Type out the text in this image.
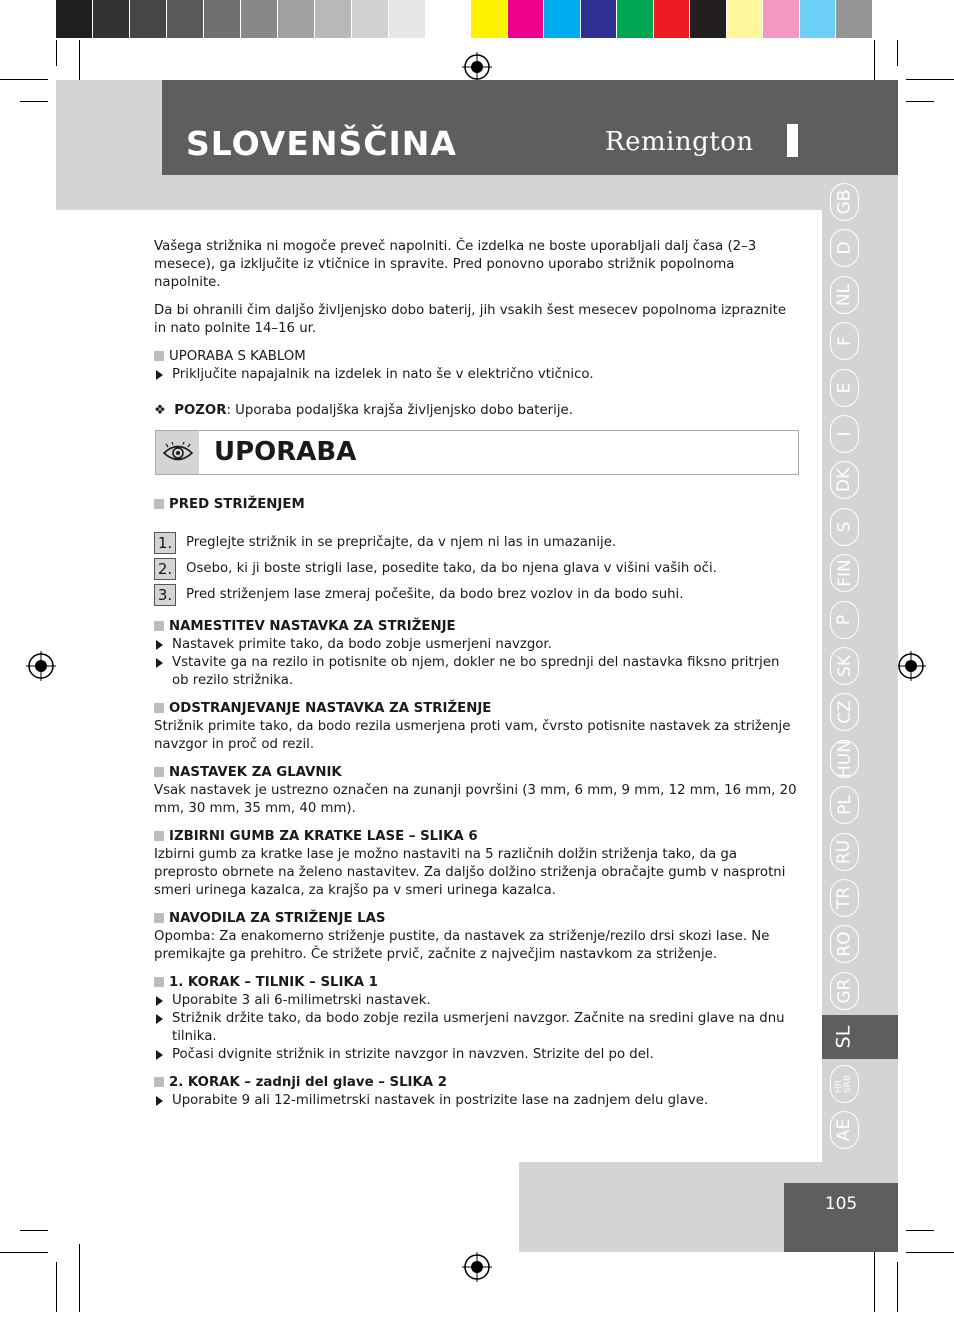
SLOVENŠČINA	Remington
GB
D
NL
F
E
I
DK
S
FIN
P
SK
CZ
HUN
PL
RU
TR
RO
GR
SL
HR
SRB
AE
UPORABA

Vašega strižnika ni mogoče preveč napolniti. Če izdelka ne boste uporabljali dalj časa (2–3 mesece), ga izključite iz vtičnice in spravite. Pred ponovno uporabo strižnik popolnoma napolnite.

Da bi ohranili čim daljšo življenjsko dobo baterij, jih vsakih šest mesecev popolnoma izpraznite in nato polnite 14–16 ur.

UPORABA S KABLOM

Priključite napajalnik na izdelek in nato še v električno vtičnico.

❖ POZOR: Uporaba podaljška krajša življenjsko dobo baterije.

PRED STRIŽENJEM

1. Preglejte strižnik in se prepričajte, da v njem ni las in umazanije.
2. Osebo, ki ji boste strigli lase, posedite tako, da bo njena glava v višini vaših oči.
3. Pred striženjem lase zmeraj počešite, da bodo brez vozlov in da bodo suhi.

NAMESTITEV NASTAVKA ZA STRIŽENJE

Nastavek primite tako, da bodo zobje usmerjeni navzgor.

Vstavite ga na rezilo in potisnite ob njem, dokler ne bo sprednji del nastavka fiksno pritrjen ob rezilo strižnika.

ODSTRANJEVANJE NASTAVKA ZA STRIŽENJE

Strižnik primite tako, da bodo rezila usmerjena proti vam, čvrsto potisnite nastavek za striženje navzgor in proč od rezil.

NASTAVEK ZA GLAVNIK

Vsak nastavek je ustrezno označen na zunanji površini (3 mm, 6 mm, 9 mm, 12 mm, 16 mm, 20 mm, 30 mm, 35 mm, 40 mm).

IZBIRNI GUMB ZA KRATKE LASE – SLIKA 6

Izbirni gumb za kratke lase je možno nastaviti na 5 različnih dolžin striženja tako, da ga preprosto obrnete na želeno nastavitev. Za daljšo dolžino striženja obračajte gumb v nasprotni smeri urinega kazalca, za krajšo pa v smeri urinega kazalca.

NAVODILA ZA STRIŽENJE LAS

Opomba: Za enakomerno striženje pustite, da nastavek za striženje/rezilo drsi skozi lase. Ne premikajte ga prehitro. Če strižete prvič, začnite z največjim nastavkom za striženje.

1. KORAK – TILNIK – SLIKA 1

Uporabite 3 ali 6-milimetrski nastavek.

Strižnik držite tako, da bodo zobje rezila usmerjeni navzgor. Začnite na sredini glave na dnu tilnika.

Počasi dvignite strižnik in strizite navzgor in navzven. Strizite del po del.

2. KORAK – zadnji del glave – SLIKA 2

Uporabite 9 ali 12-milimetrski nastavek in postrizite lase na zadnjem delu glave.

105
